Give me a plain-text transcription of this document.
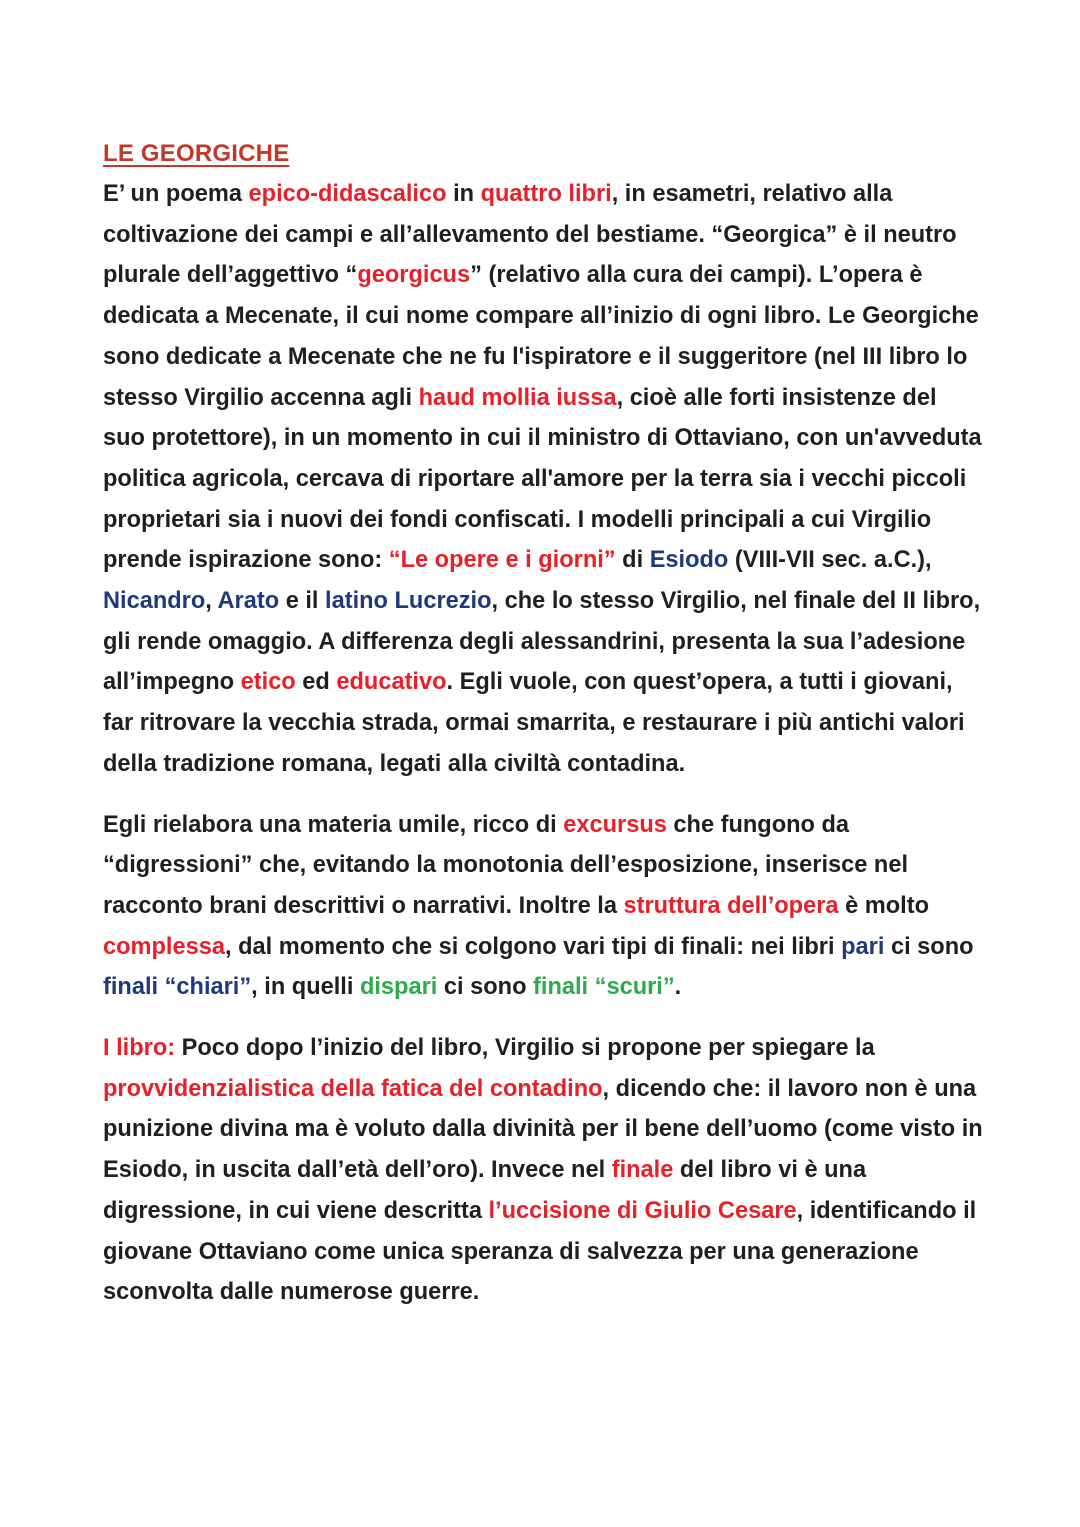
LE GEORGICHE

E’ un poema epico-didascalico in quattro libri, in esametri, relativo alla coltivazione dei campi e all’allevamento del bestiame. “Georgica” è il neutro plurale dell’aggettivo “georgicus” (relativo alla cura dei campi). L’opera è dedicata a Mecenate, il cui nome compare all’inizio di ogni libro. Le Georgiche sono dedicate a Mecenate che ne fu l'ispiratore e il suggeritore (nel III libro lo stesso Virgilio accenna agli haud mollia iussa, cioè alle forti insistenze del suo protettore), in un momento in cui il ministro di Ottaviano, con un'avveduta politica agricola, cercava di riportare all'amore per la terra sia i vecchi piccoli proprietari sia i nuovi dei fondi confiscati. I modelli principali a cui Virgilio prende ispirazione sono: “Le opere e i giorni” di Esiodo (VIII-VII sec. a.C.), Nicandro, Arato e il latino Lucrezio, che lo stesso Virgilio, nel finale del II libro, gli rende omaggio. A differenza degli alessandrini, presenta la sua l’adesione all’impegno etico ed educativo. Egli vuole, con quest’opera, a tutti i giovani, far ritrovare la vecchia strada, ormai smarrita, e restaurare i più antichi valori della tradizione romana, legati alla civiltà contadina.

Egli rielabora una materia umile, ricco di excursus che fungono da “digressioni” che, evitando la monotonia dell’esposizione, inserisce nel racconto brani descrittivi o narrativi. Inoltre la struttura dell’opera è molto complessa, dal momento che si colgono vari tipi di finali: nei libri pari ci sono finali “chiari”, in quelli dispari ci sono finali “scuri”.

I libro: Poco dopo l’inizio del libro, Virgilio si propone per spiegare la provvidenzialistica della fatica del contadino, dicendo che: il lavoro non è una punizione divina ma è voluto dalla divinità per il bene dell’uomo (come visto in Esiodo, in uscita dall’età dell’oro). Invece nel finale del libro vi è una digressione, in cui viene descritta l’uccisione di Giulio Cesare, identificando il giovane Ottaviano come unica speranza di salvezza per una generazione sconvolta dalle numerose guerre.
